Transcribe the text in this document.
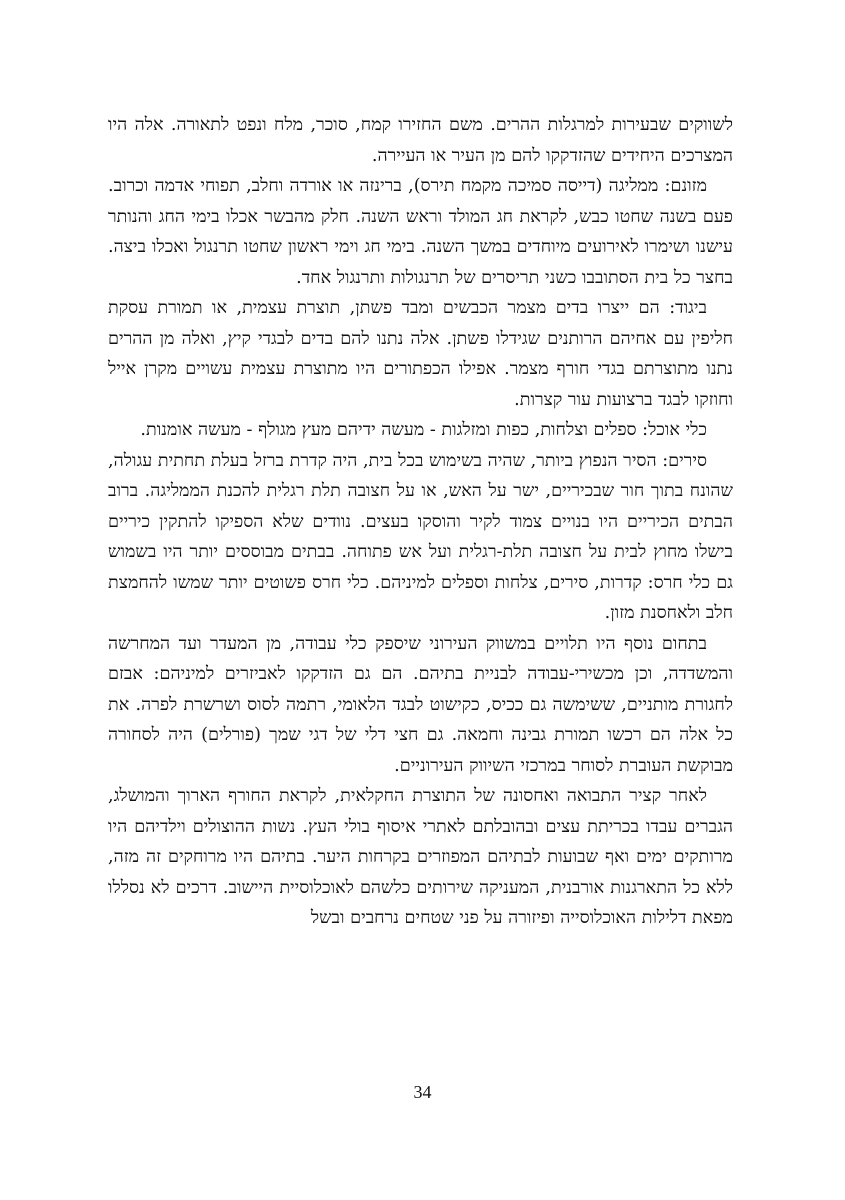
לשווקים שבעירות למרגלות ההרים. משם החזירו קמח, סוכר, מלח ונפט לתאורה. אלה היו המצרכים היחידים שהזדקקו להם מן העיר או העיירה.

מזונם: ממליגה (דייסה סמיכה מקמח תירס), ברינזה או אורדה וחלב, תפוחי אדמה וכרוב. פעם בשנה שחטו כבש, לקראת חג המולד וראש השנה. חלק מהבשר אכלו בימי החג והנותר עישנו ושימרו לאירועים מיוחדים במשך השנה. בימי חג וימי ראשון שחטו תרנגול ואכלו ביצה. בחצר כל בית הסתובבו כשני תריסרים של תרנגולות ותרנגול אחד.

ביגוד: הם ייצרו בדים מצמר הכבשים ומבד פשתן, תוצרת עצמית, או תמורת עסקת חליפין עם אחיהם הרותנים שגידלו פשתן. אלה נתנו להם בדים לבגדי קיץ, ואלה מן ההרים נתנו מתוצרתם בגדי חורף מצמר. אפילו הכפתורים היו מתוצרת עצמית עשויים מקרן אייל וחוזקו לבגד ברצועות עור קצרות.

כלי אוכל: ספלים וצלחות, כפות ומזלגות - מעשה ידיהם מעץ מגולף - מעשה אומנות.

סירים: הסיר הנפוץ ביותר, שהיה בשימוש בכל בית, היה קדרת ברזל בעלת תחתית עגולה, שהונח בתוך חור שבכיריים, ישר על האש, או על חצובה תלת רגלית להכנת הממליגה. ברוב הבתים הכיריים היו בנויים צמוד לקיר והוסקו בעצים. נוודים שלא הספיקו להתקין כיריים בישלו מחוץ לבית על חצובה תלת-רגלית ועל אש פתוחה. בבתים מבוססים יותר היו בשמוש גם כלי חרס: קדרות, סירים, צלחות וספלים למיניהם. כלי חרס פשוטים יותר שמשו להחמצת חלב ולאחסנת מזון.

בתחום נוסף היו תלויים במשווק העירוני שיספק כלי עבודה, מן המעדר ועד המחרשה והמשדדה, וכן מכשירי-עבודה לבניית בתיהם. הם גם הזדקקו לאביזרים למיניהם: אבזם לחגורת מותניים, ששימשה גם ככיס, כקישוט לבגד הלאומי, רתמה לסוס ושרשרת לפרה. את כל אלה הם רכשו תמורת גבינה וחמאה. גם חצי דלי של דגי שמך (פורלים) היה לסחורה מבוקשת העוברת לסוחר במרכזי השיווק העירוניים.

לאחר קציר התבואה ואחסונה של התוצרת החקלאית, לקראת החורף הארוך והמושלג, הגברים עבדו בכריתת עצים ובהובלתם לאתרי איסוף בולי העץ. נשות ההוצולים וילדיהם היו מרותקים ימים ואף שבועות לבתיהם המפוזרים בקרחות היער. בתיהם היו מרוחקים זה מזה, ללא כל התארגנות אורבנית, המעניקה שירותים כלשהם לאוכלוסיית היישוב. דרכים לא נסללו מפאת דלילות האוכלוסייה ופיזורה על פני שטחים נרחבים ובשל

34
